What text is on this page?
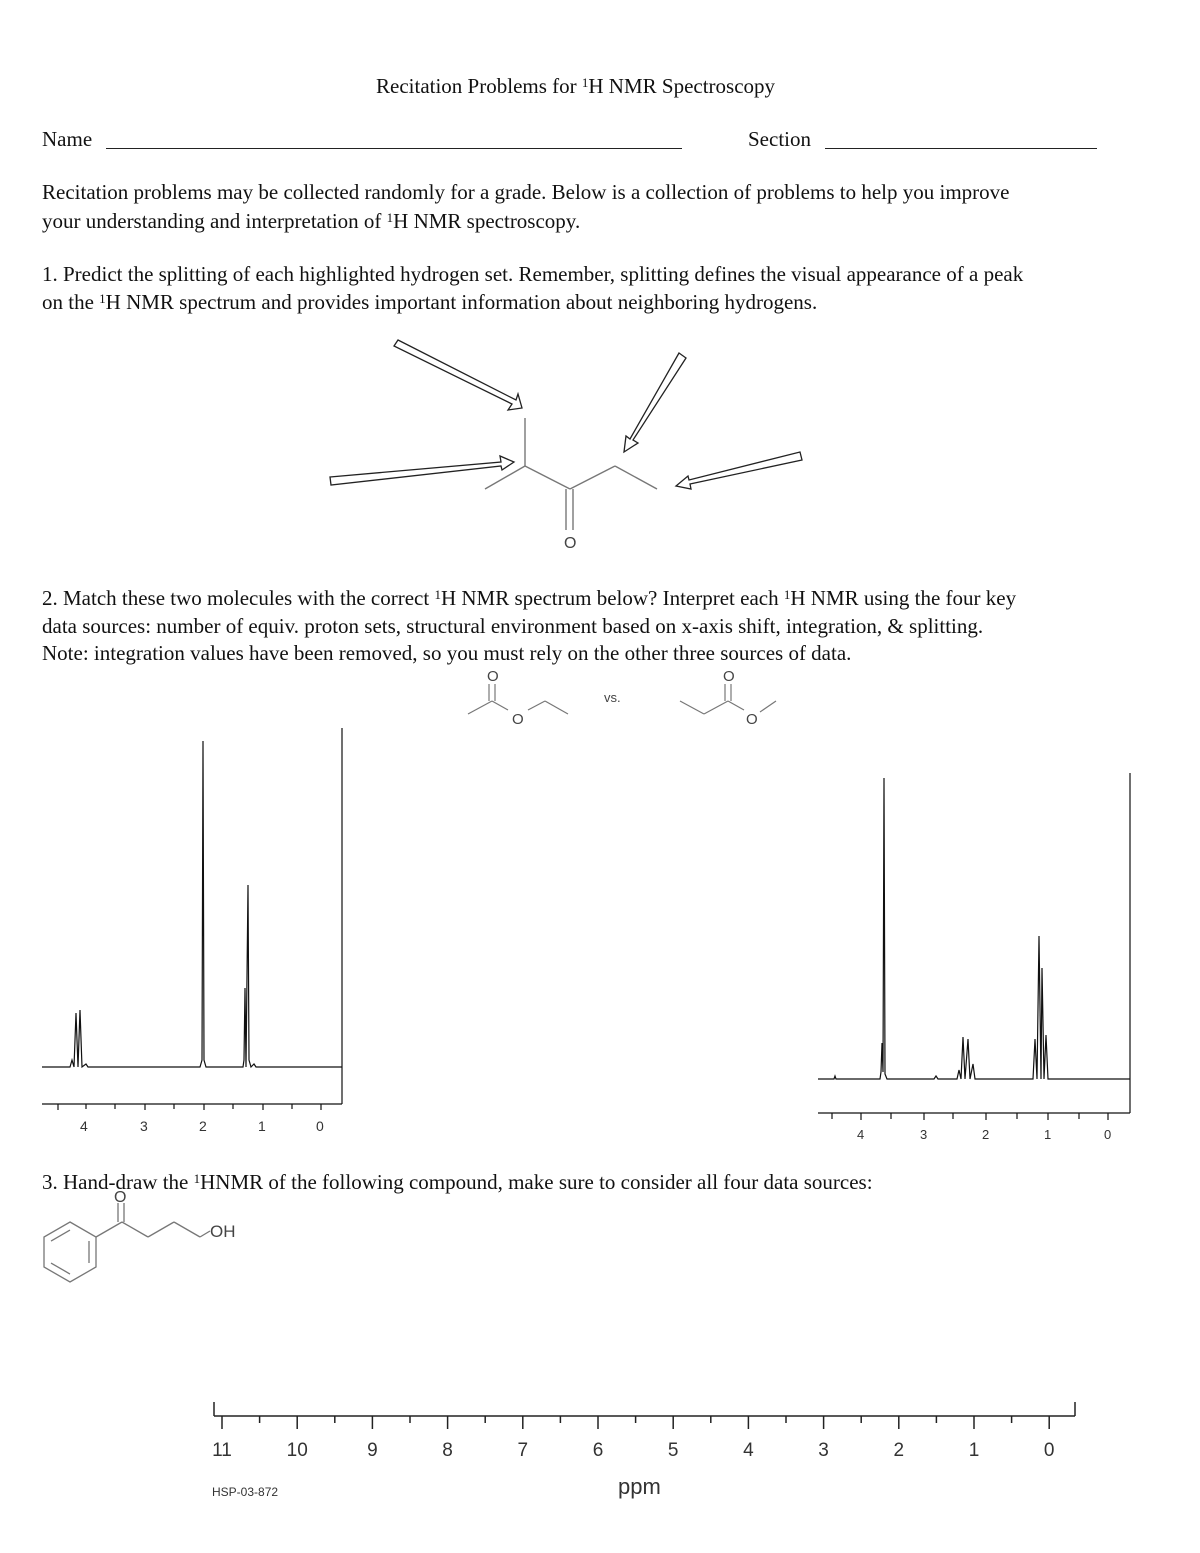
Recitation Problems for $^1$H NMR Spectroscopy
Name	Section
Recitation problems may be collected randomly for a grade. Below is a collection of problems to help you improve
your understanding and interpretation of $^1$H NMR spectroscopy.
1. Predict the splitting of each highlighted hydrogen set. Remember, splitting defines the visual appearance of a peak
on the $^1$H NMR spectrum and provides important information about neighboring hydrogens.
O
2. Match these two molecules with the correct $^1$H NMR spectrum below? Interpret each $^1$H NMR using the four key
data sources: number of equiv. proton sets, structural environment based on x-axis shift, integration, & splitting.
Note: integration values have been removed, so you must rely on the other three sources of data.
O
O
O
O
vs.
4	3	2	1	0
4	3	2	1	0
3. Hand-draw the $^1$HNMR of the following compound, make sure to consider all four data sources:
O
OH
11	10	9	8	7	6	5	4	3	2	1	0
HSP-03-872	ppm
